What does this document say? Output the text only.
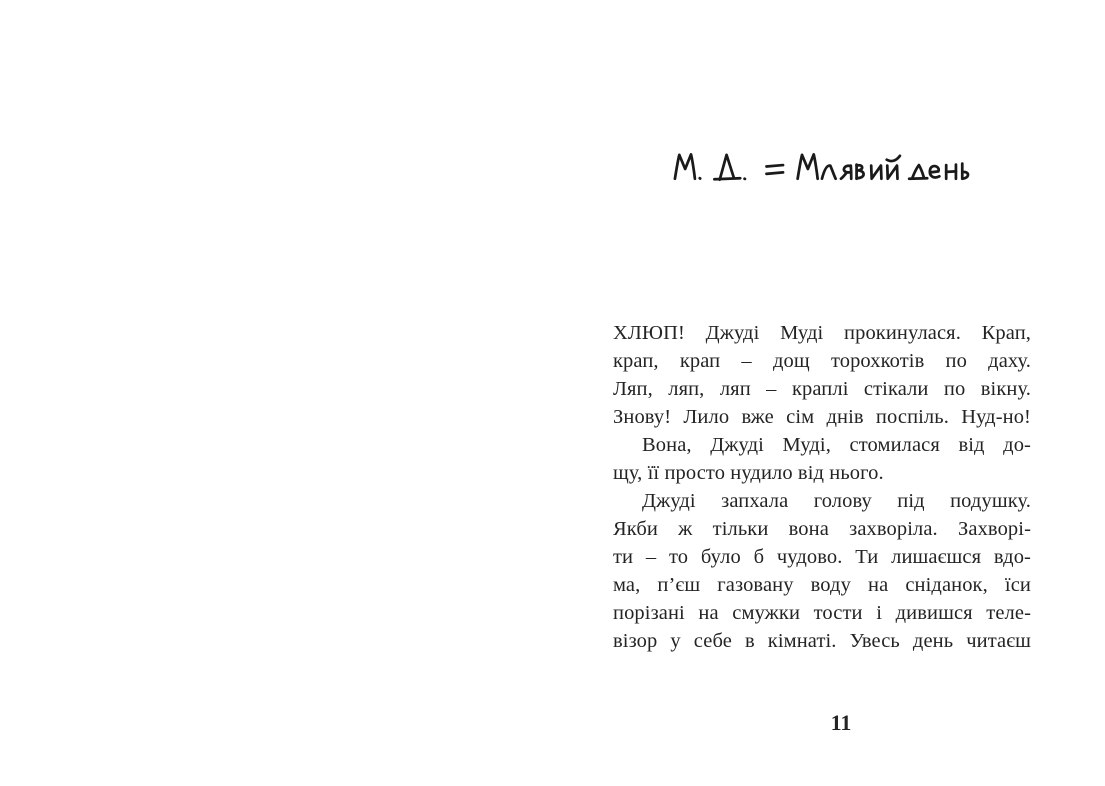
ХЛЮП! Джуді Муді прокинулася. Крап,
крап, крап – дощ торохкотів по даху.
Ляп, ляп, ляп – краплі стікали по вікну.
Знову! Лило вже сім днів поспіль. Нуд-но!
Вона, Джуді Муді, стомилася від до-
щу, її просто нудило від нього.
Джуді запхала голову під подушку.
Якби ж тільки вона захворіла. Захворі-
ти – то було б чудово. Ти лишаєшся вдо-
ма, п’єш газовану воду на сніданок, їси
порізані на смужки тости і дивишся теле-
візор у себе в кімнаті. Увесь день читаєш
11
